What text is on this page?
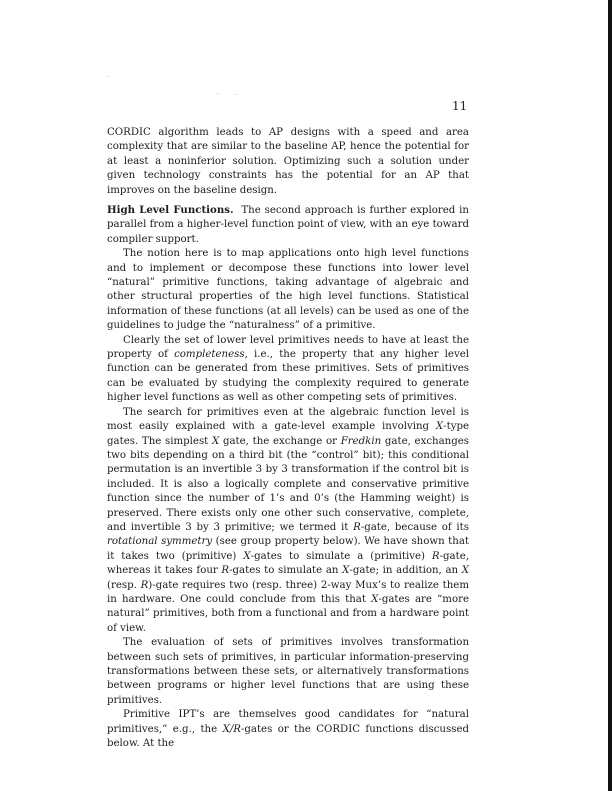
11

CORDIC algorithm leads to AP designs with a speed and area complexity that are similar to the baseline AP, hence the potential for at least a noninferior solution. Optimizing such a solution under given technology constraints has the potential for an AP that improves on the baseline design.

High Level Functions. The second approach is further explored in parallel from a higher-level function point of view, with an eye toward compiler support.

The notion here is to map applications onto high level functions and to implement or decompose these functions into lower level “natural” primitive functions, taking advantage of algebraic and other structural properties of the high level functions. Statistical information of these functions (at all levels) can be used as one of the guidelines to judge the “naturalness” of a primitive.

Clearly the set of lower level primitives needs to have at least the property of completeness, i.e., the property that any higher level function can be generated from these primitives. Sets of primitives can be evaluated by studying the complexity required to generate higher level functions as well as other competing sets of primitives.

The search for primitives even at the algebraic function level is most easily explained with a gate-level example involving X-type gates. The simplest X gate, the exchange or Fredkin gate, exchanges two bits depending on a third bit (the “control” bit); this conditional permutation is an invertible 3 by 3 transformation if the control bit is included. It is also a logically complete and conservative primitive function since the number of 1’s and 0’s (the Hamming weight) is preserved. There exists only one other such conservative, complete, and invertible 3 by 3 primitive; we termed it R-gate, because of its rotational symmetry (see group property below). We have shown that it takes two (primitive) X-gates to simulate a (primitive) R-gate, whereas it takes four R-gates to simulate an X-gate; in addition, an X (resp. R)-gate requires two (resp. three) 2-way Mux’s to realize them in hardware. One could conclude from this that X-gates are “more natural” primitives, both from a functional and from a hardware point of view.

The evaluation of sets of primitives involves transformation between such sets of primitives, in particular information-preserving transformations between these sets, or alternatively transformations between programs or higher level functions that are using these primitives.

Primitive IPT’s are themselves good candidates for “natural primitives,” e.g., the X/R-gates or the CORDIC functions discussed below. At the
